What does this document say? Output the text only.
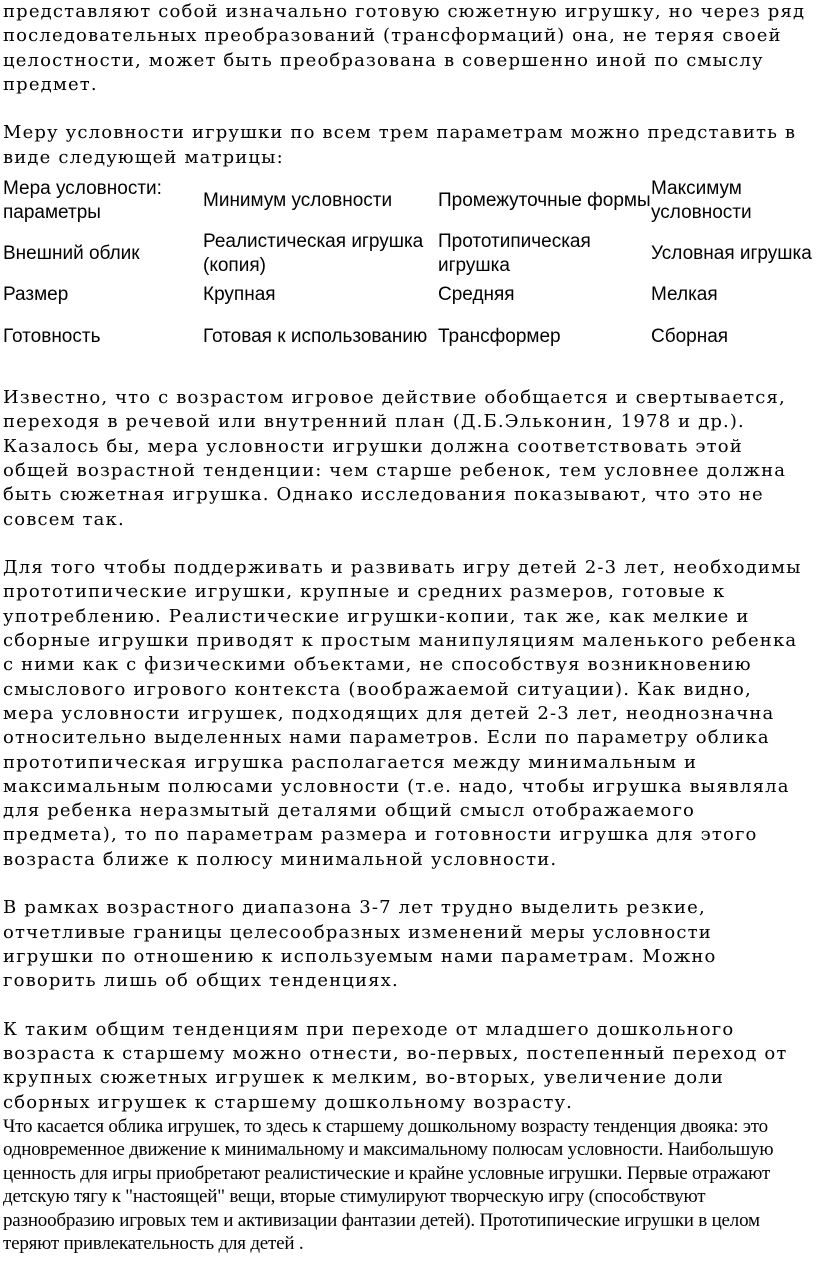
представляют собой изначально готовую сюжетную игрушку, но через ряд
последовательных преобразований (трансформаций) она, не теряя своей
целостности, может быть преобразована в совершенно иной по смыслу
предмет.
Меру условности игрушки по всем трем параметрам можно представить в
виде следующей матрицы:
Мера условности: параметры	Минимум условности	Промежуточные формы	Максимум условности
Внешний облик	Реалистическая игрушка (копия)	Прототипическая игрушка	Условная игрушка
Размер	Крупная	Средняя	Мелкая
Готовность	Готовая к использованию	Трансформер	Сборная
Известно, что с возрастом игровое действие обобщается и свертывается,
переходя в речевой или внутренний план (Д.Б.Эльконин, 1978 и др.).
Казалось бы, мера условности игрушки должна соответствовать этой
общей возрастной тенденции: чем старше ребенок, тем условнее должна
быть сюжетная игрушка. Однако исследования показывают, что это не
совсем так.
Для того чтобы поддерживать и развивать игру детей 2-3 лет, необходимы
прототипические игрушки, крупные и средних размеров, готовые к
употреблению. Реалистические игрушки-копии, так же, как мелкие и
сборные игрушки приводят к простым манипуляциям маленького ребенка
с ними как с физическими объектами, не способствуя возникновению
смыслового игрового контекста (воображаемой ситуации). Как видно,
мера условности игрушек, подходящих для детей 2-3 лет, неоднозначна
относительно выделенных нами параметров. Если по параметру облика
прототипическая игрушка располагается между минимальным и
максимальным полюсами условности (т.е. надо, чтобы игрушка выявляла
для ребенка неразмытый деталями общий смысл отображаемого
предмета), то по параметрам размера и готовности игрушка для этого
возраста ближе к полюсу минимальной условности.
В рамках возрастного диапазона 3-7 лет трудно выделить резкие,
отчетливые границы целесообразных изменений меры условности
игрушки по отношению к используемым нами параметрам. Можно
говорить лишь об общих тенденциях.
К таким общим тенденциям при переходе от младшего дошкольного
возраста к старшему можно отнести, во-первых, постепенный переход от
крупных сюжетных игрушек к мелким, во-вторых, увеличение доли
сборных игрушек к старшему дошкольному возрасту.

Что касается облика игрушек, то здесь к старшему дошкольному возрасту тенденция двояка: это одновременное движение к минимальному и максимальному полюсам условности. Наибольшую ценность для игры приобретают реалистические и крайне условные игрушки. Первые отражают детскую тягу к "настоящей" вещи, вторые стимулируют творческую игру (способствуют разнообразию игровых тем и активизации фантазии детей). Прототипические игрушки в целом теряют привлекательность для детей .
